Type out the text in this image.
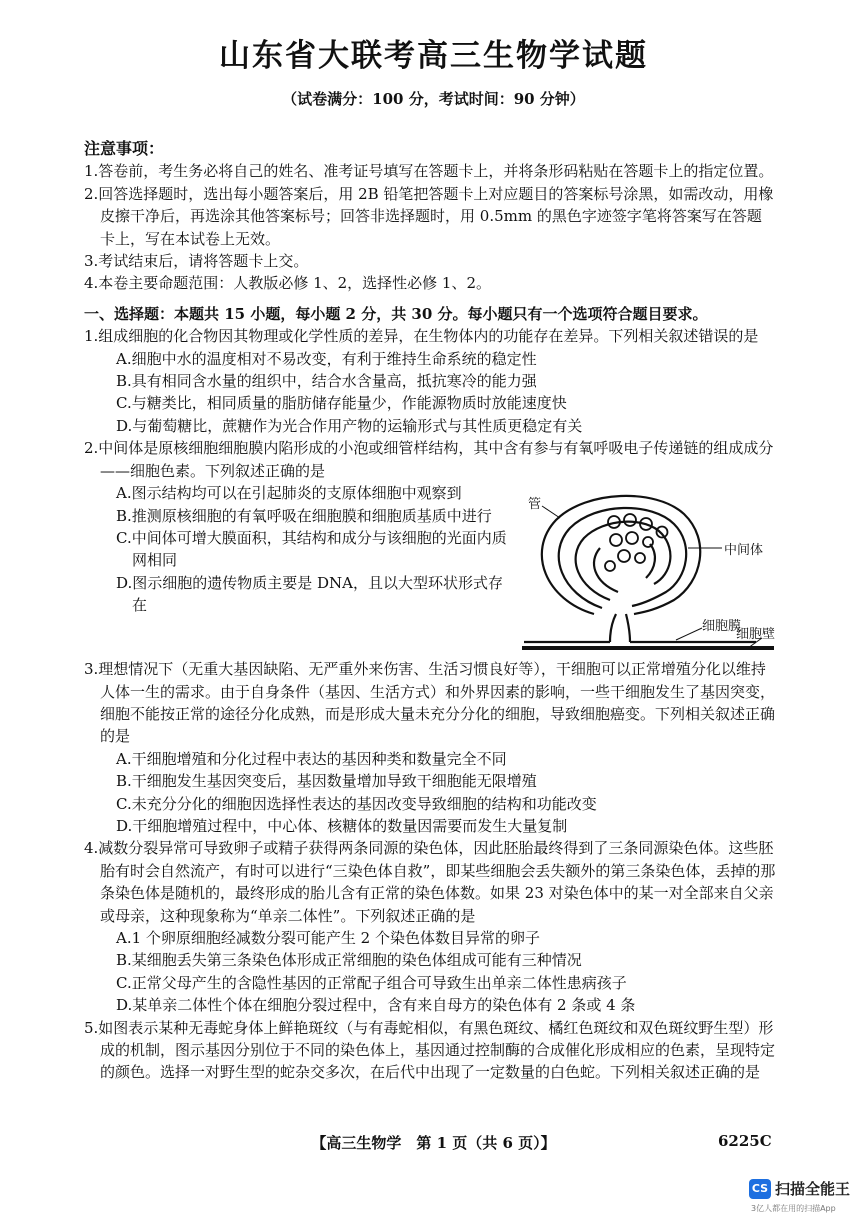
山东省大联考高三生物学试题
（试卷满分：100 分，考试时间：90 分钟）

注意事项：

1.答卷前，考生务必将自己的姓名、准考证号填写在答题卡上，并将条形码粘贴在答题卡上的指定位置。

2.回答选择题时，选出每小题答案后，用 2B 铅笔把答题卡上对应题目的答案标号涂黑，如需改动，用橡皮擦干净后，再选涂其他答案标号；回答非选择题时，用 0.5mm 的黑色字迹签字笔将答案写在答题卡上，写在本试卷上无效。

3.考试结束后，请将答题卡上交。

4.本卷主要命题范围：人教版必修 1、2，选择性必修 1、2。

一、选择题：本题共 15 小题，每小题 2 分，共 30 分。每小题只有一个选项符合题目要求。

1.组成细胞的化合物因其物理或化学性质的差异，在生物体内的功能存在差异。下列相关叙述错误的是

A.细胞中水的温度相对不易改变，有利于维持生命系统的稳定性

B.具有相同含水量的组织中，结合水含量高，抵抗寒冷的能力强

C.与糖类比，相同质量的脂肪储存能量少，作能源物质时放能速度快

D.与葡萄糖比，蔗糖作为光合作用产物的运输形式与其性质更稳定有关

2.中间体是原核细胞细胞膜内陷形成的小泡或细管样结构，其中含有参与有氧呼吸电子传递链的组成成分——细胞色素。下列叙述正确的是

A.图示结构均可以在引起肺炎的支原体细胞中观察到

B.推测原核细胞的有氧呼吸在细胞膜和细胞质基质中进行

C.中间体可增大膜面积，其结构和成分与该细胞的光面内质网相同

D.图示细胞的遗传物质主要是 DNA，且以大型环状形式存在

管
中间体
细胞膜
细胞壁

3.理想情况下（无重大基因缺陷、无严重外来伤害、生活习惯良好等），干细胞可以正常增殖分化以维持人体一生的需求。由于自身条件（基因、生活方式）和外界因素的影响，一些干细胞发生了基因突变，细胞不能按正常的途径分化成熟，而是形成大量未充分分化的细胞，导致细胞癌变。下列相关叙述正确的是

A.干细胞增殖和分化过程中表达的基因种类和数量完全不同

B.干细胞发生基因突变后，基因数量增加导致干细胞能无限增殖

C.未充分分化的细胞因选择性表达的基因改变导致细胞的结构和功能改变

D.干细胞增殖过程中，中心体、核糖体的数量因需要而发生大量复制

4.减数分裂异常可导致卵子或精子获得两条同源的染色体，因此胚胎最终得到了三条同源染色体。这些胚胎有时会自然流产，有时可以进行“三染色体自救”，即某些细胞会丢失额外的第三条染色体，丢掉的那条染色体是随机的，最终形成的胎儿含有正常的染色体数。如果 23 对染色体中的某一对全部来自父亲或母亲，这种现象称为“单亲二体性”。下列叙述正确的是

A.1 个卵原细胞经减数分裂可能产生 2 个染色体数目异常的卵子

B.某细胞丢失第三条染色体形成正常细胞的染色体组成可能有三种情况

C.正常父母产生的含隐性基因的正常配子组合可导致生出单亲二体性患病孩子

D.某单亲二体性个体在细胞分裂过程中，含有来自母方的染色体有 2 条或 4 条

5.如图表示某种无毒蛇身体上鲜艳斑纹（与有毒蛇相似，有黑色斑纹、橘红色斑纹和双色斑纹野生型）形成的机制，图示基因分别位于不同的染色体上，基因通过控制酶的合成催化形成相应的色素，呈现特定的颜色。选择一对野生型的蛇杂交多次，在后代中出现了一定数量的白色蛇。下列相关叙述正确的是

【高三生物学　第 1 页（共 6 页）】	6225C
CS 扫描全能王
3亿人都在用的扫描App
